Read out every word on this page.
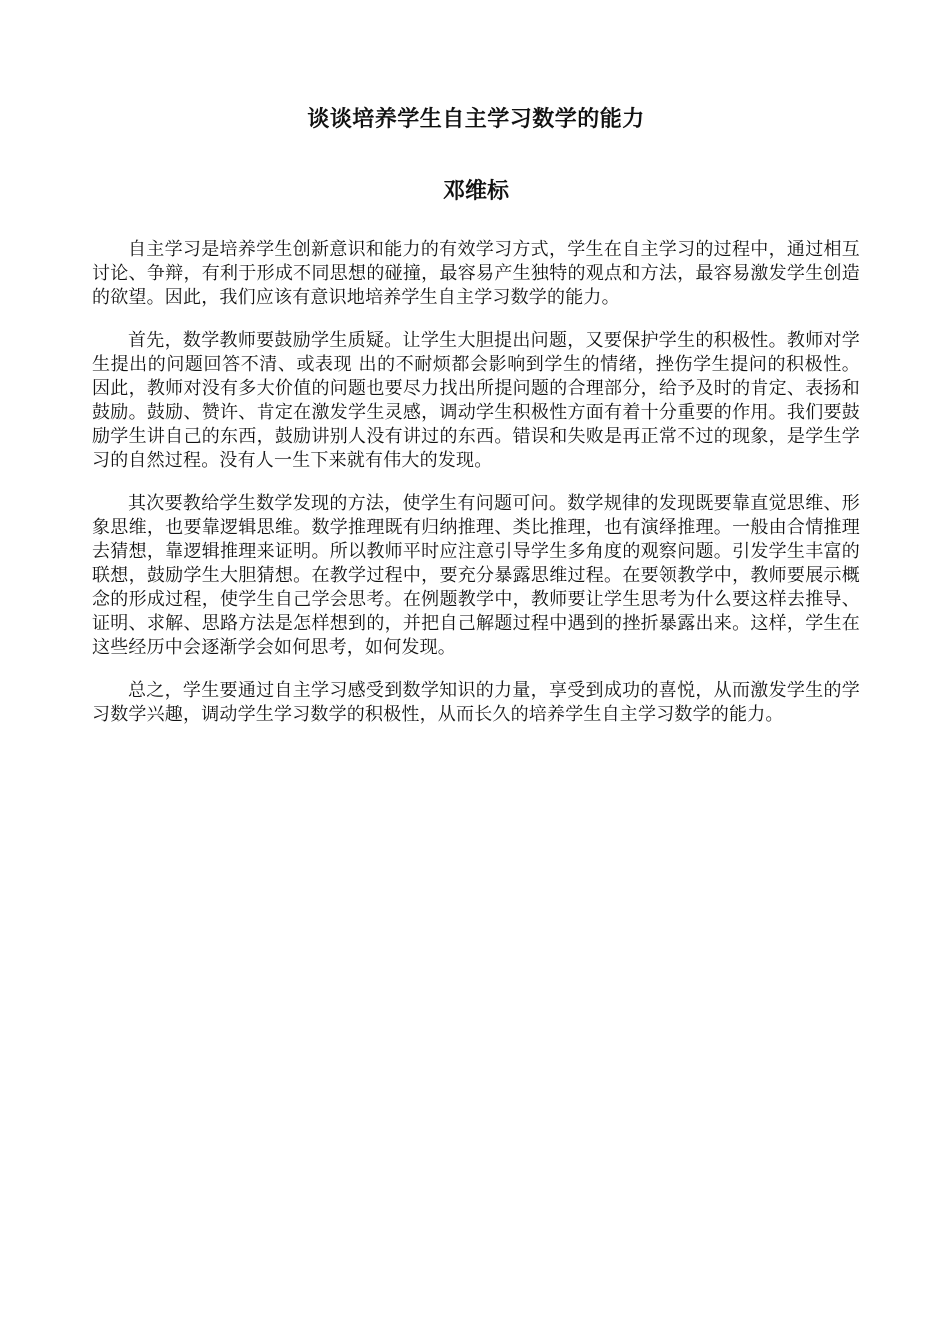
谈谈培养学生自主学习数学的能力
邓维标

自主学习是培养学生创新意识和能力的有效学习方式，学生在自主学习的过程中，通过相互讨论、争辩，有利于形成不同思想的碰撞，最容易产生独特的观点和方法，最容易激发学生创造的欲望。因此，我们应该有意识地培养学生自主学习数学的能力。

首先，数学教师要鼓励学生质疑。让学生大胆提出问题，又要保护学生的积极性。教师对学生提出的问题回答不清、或表现 出的不耐烦都会影响到学生的情绪，挫伤学生提问的积极性。因此，教师对没有多大价值的问题也要尽力找出所提问题的合理部分，给予及时的肯定、表扬和鼓励。鼓励、赞许、肯定在激发学生灵感，调动学生积极性方面有着十分重要的作用。我们要鼓励学生讲自己的东西，鼓励讲别人没有讲过的东西。错误和失败是再正常不过的现象，是学生学习的自然过程。没有人一生下来就有伟大的发现。

其次要教给学生数学发现的方法，使学生有问题可问。数学规律的发现既要靠直觉思维、形象思维，也要靠逻辑思维。数学推理既有归纳推理、类比推理，也有演绎推理。一般由合情推理去猜想，靠逻辑推理来证明。所以教师平时应注意引导学生多角度的观察问题。引发学生丰富的联想，鼓励学生大胆猜想。在教学过程中，要充分暴露思维过程。在要领教学中，教师要展示概念的形成过程，使学生自己学会思考。在例题教学中，教师要让学生思考为什么要这样去推导、证明、求解、思路方法是怎样想到的，并把自己解题过程中遇到的挫折暴露出来。这样，学生在这些经历中会逐渐学会如何思考，如何发现。

总之，学生要通过自主学习感受到数学知识的力量，享受到成功的喜悦，从而激发学生的学习数学兴趣，调动学生学习数学的积极性，从而长久的培养学生自主学习数学的能力。
